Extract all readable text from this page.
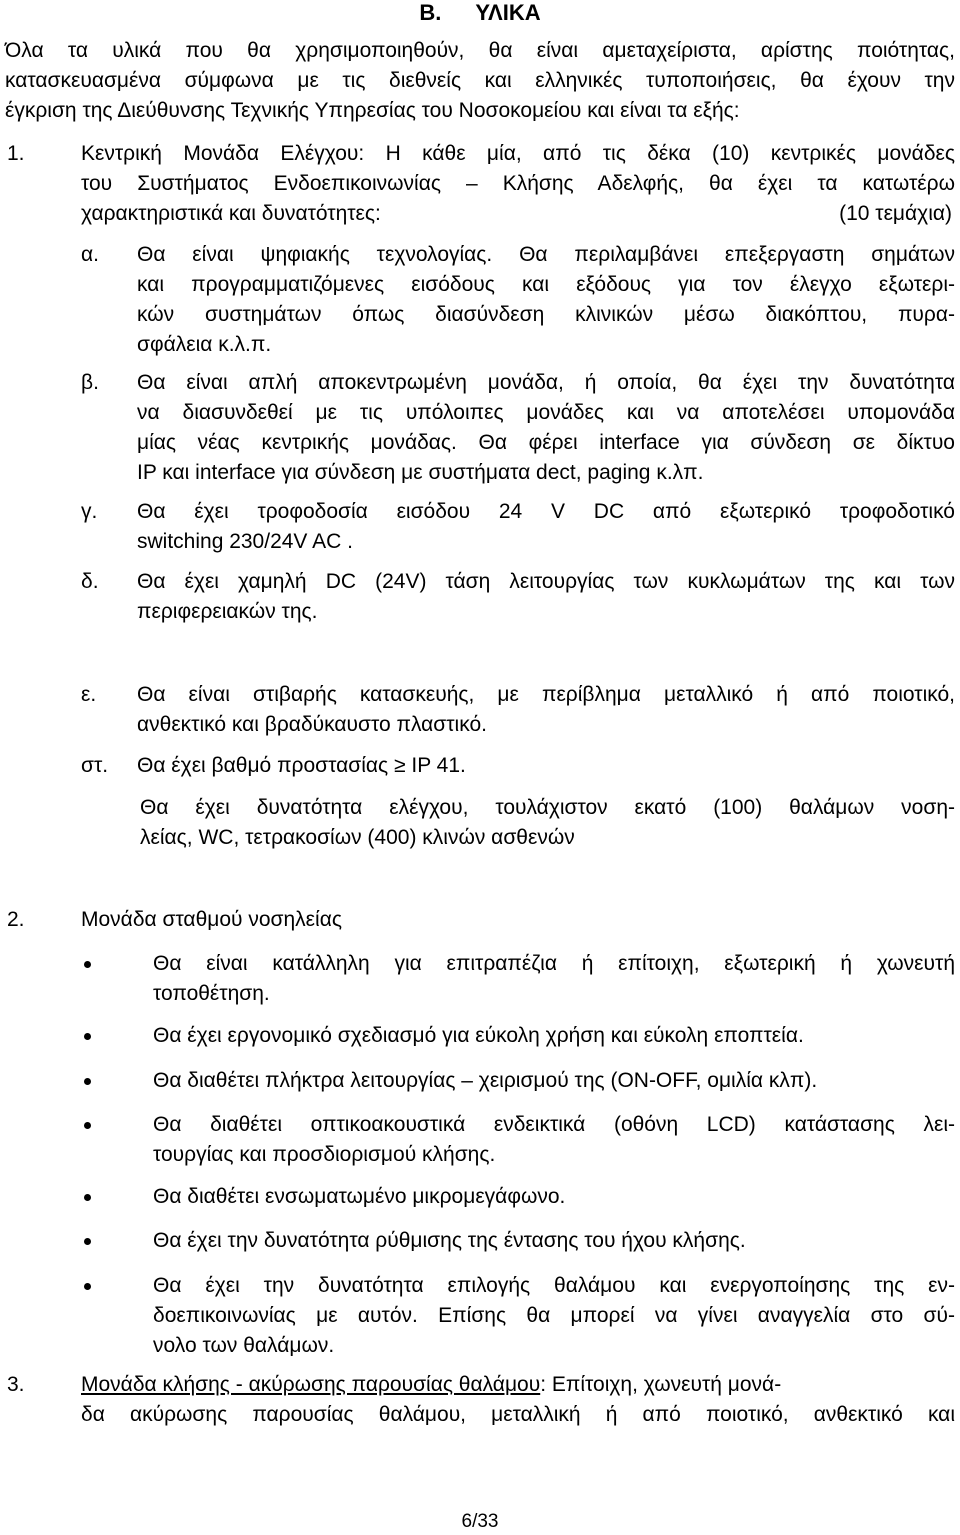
Β. ΥΛΙΚΑ
Όλα τα υλικά που θα χρησιμοποιηθούν, θα είναι αμεταχείριστα, αρίστης ποιότητας,
κατασκευασμένα σύμφωνα με τις διεθνείς και ελληνικές τυποποιήσεις, θα έχουν την
έγκριση της Διεύθυνσης Τεχνικής Υπηρεσίας του Νοσοκομείου και είναι τα εξής:
1.	Κεντρική Μονάδα Ελέγχου: Η κάθε μία, από τις δέκα (10) κεντρικές μονάδες
του Συστήματος Ενδοεπικοινωνίας – Κλήσης Αδελφής, θα έχει τα κατωτέρω
χαρακτηριστικά και δυνατότητες:	(10 τεμάχια)
α. Θα είναι ψηφιακής τεχνολογίας. Θα περιλαμβάνει επεξεργαστη σημάτων
και προγραμματιζόμενες εισόδους και εξόδους για τον έλεγχο εξωτερι-
κών συστημάτων όπως διασύνδεση κλινικών μέσω διακόπτου, πυρα-
σφάλεια κ.λ.π.
β. Θα είναι απλή αποκεντρωμένη μονάδα, ή οποία, θα έχει την δυνατότητα
να διασυνδεθεί με τις υπόλοιπες μονάδες και να αποτελέσει υπομονάδα
μίας νέας κεντρικής μονάδας. Θα φέρει interface για σύνδεση σε δίκτυο
IP και interface για σύνδεση με συστήματα dect, paging κ.λπ.
γ. Θα έχει τροφοδοσία εισόδου 24 V DC από εξωτερικό τροφοδοτικό
switching 230/24V AC .
δ. Θα έχει χαμηλή DC (24V) τάση λειτουργίας των κυκλωμάτων της και των
περιφερειακών της.
ε. Θα είναι στιβαρής κατασκευής, με περίβλημα μεταλλικό ή από ποιοτικό,
ανθεκτικό και βραδύκαυστο πλαστικό.
στ. Θα έχει βαθμό προστασίας ≥ IP 41.
Θα έχει δυνατότητα ελέγχου, τουλάχιστον εκατό (100) θαλάμων νοση-
λείας, WC, τετρακοσίων (400) κλινών ασθενών
2.	Μονάδα σταθμού νοσηλείας
Θα είναι κατάλληλη για επιτραπέζια ή επίτοιχη, εξωτερική ή χωνευτή
τοποθέτηση.
Θα έχει εργονομικό σχεδιασμό για εύκολη χρήση και εύκολη εποπτεία.
Θα διαθέτει πλήκτρα λειτουργίας – χειρισμού της (ON-OFF, ομιλία κλπ).
Θα διαθέτει οπτικοακουστικά ενδεικτικά (οθόνη LCD) κατάστασης λει-
τουργίας και προσδιορισμού κλήσης.
Θα διαθέτει ενσωματωμένο μικρομεγάφωνο.
Θα έχει την δυνατότητα ρύθμισης της έντασης του ήχου κλήσης.
Θα έχει την δυνατότητα επιλογής θαλάμου και ενεργοποίησης της εν-
δοεπικοινωνίας με αυτόν. Επίσης θα μπορεί να γίνει αναγγελία στο σύ-
νολο των θαλάμων.
3.	Μονάδα κλήσης - ακύρωσης παρουσίας θαλάμου: Επίτοιχη, χωνευτή μονά-
δα ακύρωσης παρουσίας θαλάμου, μεταλλική ή από ποιοτικό, ανθεκτικό και
6/33
